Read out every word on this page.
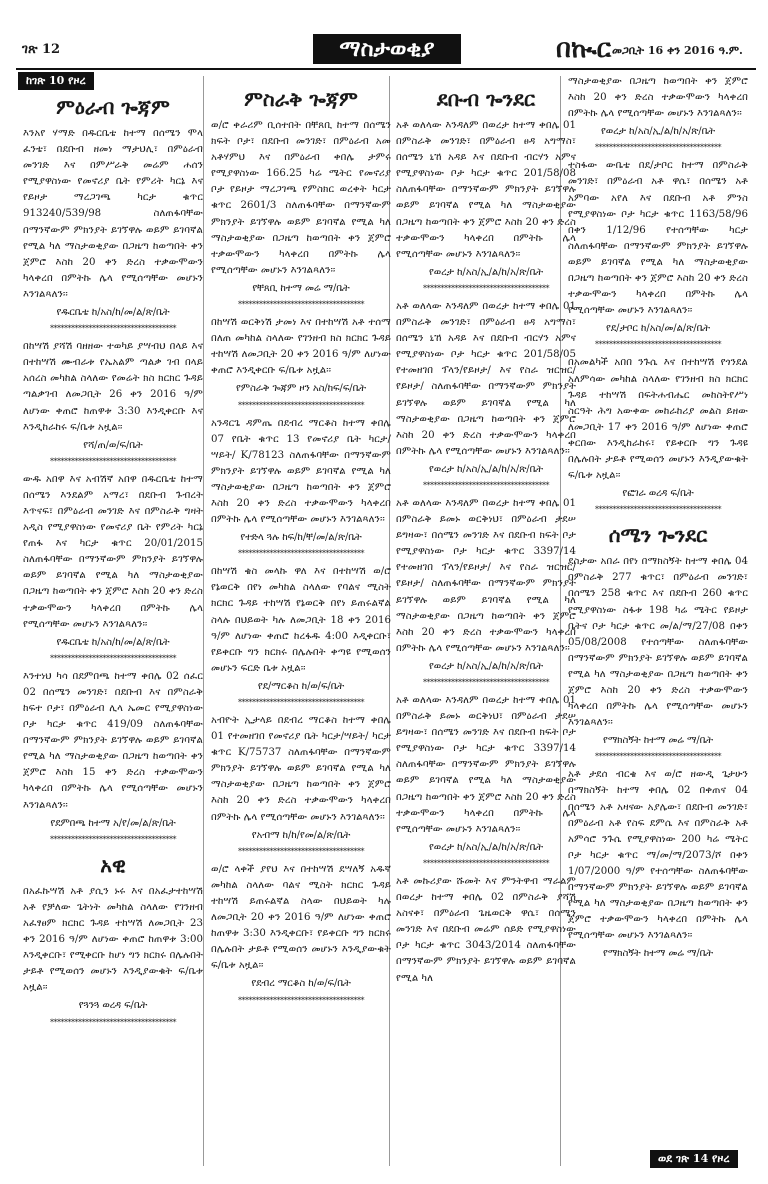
ገጽ 12	ማስታወቂያ	በኲር መጋቢት 16 ቀን 2016 ዓ.ም.
ከገጽ 10 የዞረ
ምዕራብ ጐጃም

እንአየ ሃማድ በዱርቤቴ ከተማ በሰሜን ሞላ ፈንቴ፣ በደቡብ ዘመነ ማታህሊ፣ በምዕራብ መንገድ እና በምሥራቅ መሬም ሐሰን የሚያዋስነው የመኖሪያ ቤት የምሪት ካርኔ እና የይዞታ ማረጋገጫ ካርታ ቁጥር 913240/539/98 ስለጠፋባቸው በማንኛውም ምክንያት ይገኘዋሉ ወይም ይገባኛል የሚል ካለ ማስታወቂያው በጋዜጣ ከወጣበት ቀን ጀምሮ እስከ 20 ቀን ድረስ ተቃውሞውን ካላቀረበ በምትኩ ሌላ የሚሰጣቸው መሆኑን እንገልጻለን፡፡

የዱርቤቴ ከ/አስ/ከ/መ/ል/ጽ/ቤት
************************************

በከሣሽ ያሻሽ ባዘዘው ተወካይ ያሣብህ በላይ እና በተከሣሽ ሙብራቱ የኤአልም ጣልቃ ገብ በላይ አሰረስ መካከል ስላለው የመሬት ክስ ክርክር ጉዳይ ጣልቃገብ ለመጋቢት 26 ቀን 2016 ዓ/ም ለሆነው ቀጠሮ ከጠዋቱ 3:30 እንዲቀርቡ እና እንዲከራከሩ ፍ/ቤቱ አዟል፡፡

የሻ/ጠ/ወ/ፍ/ቤት
************************************

ውዱ አበዋ እና አብሽኛ አበዋ በዱርቤቴ ከተማ በሰሜን እንደልም አማረ፣ በደቡብ ጉብረት እጥናፍ፣ በምዕራብ መንገድ እና በምስራቅ ግዛት አዲስ የሚያዋስነው የመኖሪያ ቤት የምሪት ካርኔ የጠፋ እና ካርታ ቁጥር 20/01/2015 ስለጠፋባቸው በማንኛውም ምክንያት ይገኘዋሉ ወይም ይገባኛል የሚል ካለ ማስታወቂያው በጋዜጣ ከወጣበት ቀን ጀምሮ እስከ 20 ቀን ድረስ ተቃውሞውን ካላቀረበ በምትኩ ሌላ የሚሰጣቸው መሆኑን እንገልጻለን፡፡

የዱርቤቴ ከ/አስ/ከ/መ/ል/ጽ/ቤት
************************************

እንተነህ ካሳ በደምበጫ ከተማ ቀበሌ 02 ሰፈር 02 በሰሜን መንገድ፣ በደቡብ እና በምስራቅ ከፍተ ቦታ፣ በምዕራብ ሊላ ኤመር የሚያዋስነው ቦታ ካርታ ቁጥር 419/09 ስለጠፋባቸው በማንኛውም ምክንያት ይገኘዋሉ ወይም ይገባኛል የሚል ካለ ማስታወቂያው በጋዜጣ ከወጣበት ቀን ጀምሮ እስከ 15 ቀን ድረስ ተቃውሞውን ካላቀረበ በምትኩ ሌላ የሚሰጣቸው መሆኑን እንገልጻለን፡፡

የደምበጫ ከተማ አ/የ/መ/ል/ጽ/ቤት
************************************
አዊ

በአፈኩሣሽ አቶ ያሲን ኑሩ እና በአፈታተከሣሽ አቶ የቻለው ጌትነት መካከል ስላለው የገንዘብ አፈፃፀም ክርክር ጉዳይ ተከሣሽ ለመጋቢት 23 ቀን 2016 ዓ/ም ለሆነው ቀጠሮ ከጠዋቱ 3:00 እንዲቀርቡ፣ የሚቀርቡ ከሆነ ግን ክርክሩ በሌሉበት ታይቶ የሚወሰን መሆኑን እንዲያውቁት ፍ/ቤቱ አዟል፡፡

የጓንጓ ወረዳ ፍ/ቤት
************************************
ምስራቅ ጐጃም

ወ/ሮ ቀራሪም ቢሰተበት በቸጸቢ ከተማ በሰሜን ክፍት ቦታ፣ በደቡብ መንገድ፣ በምዕራብ አመ አቶሃምህ እና በምዕራብ ቀበሌ ታምሩ የሚያዋስነው 166.25 ካሬ ሜትር የመኖሪያ ቦታ የይዞታ ማረጋገጫ የምስክር ወረቀት ካርታ ቁጥር 2601/3 ስለጠፋባቸው በማንኛውም ምክንያት ይገኘዋሉ ወይም ይገባኛል የሚል ካለ ማስታወቂያው በጋዜጣ ከወጣበት ቀን ጀምሮ ተቃውሞውን ካላቀረበ በምትኩ ሌላ የሚሰጣቸው መሆኑን እንገልጻለን፡፡

የቸጸቢ ከተማ መሬ ማ/ቤት
************************************

በከሣሽ ወርቅነሽ ታመነ እና በተከሣሽ አቶ ተሰማ በለጠ መካከል ስላለው የገንዘብ ክስ ክርክር ጉዳይ ተከሣሽ ለመጋቢት 20 ቀን 2016 ዓ/ም ለሆነው ቀጠሮ እንዲቀርቡ ፍ/ቤቱ አዟል፡፡

የምስራቅ ጐጃም ዞን አስ/ከፍ/ፍ/ቤት
************************************

አንዳርጌ ዳምጤ በደብረ ማርቆስ ከተማ ቀበሌ 07 የቤት ቁጥር 13 የመኖሪያ ቤት ካርታ/ ሣይት/ K/78123 ስለጠፋባቸው በማንኛውም ምክንያት ይገኘዋሉ ወይም ይገባኛል የሚል ካለ ማስታወቂያው በጋዜጣ ከወጣበት ቀን ጀምሮ እስከ 20 ቀን ድረስ ተቃውሞውን ካላቀረበ በምትኩ ሌላ የሚሰጣቸው መሆኑን እንገልጻለን፡፡

የተድላ ጓሉ ከፍ/ከ/ቸ/መ/ል/ጽ/ቤት
************************************

በከሣሽ ቄስ መላኩ ዋለ እና በተከሣሽ ወ/ሮ የኔወርቅ በየነ መካከል ስላለው የባልና ሚስት ክርክር ጉዳይ ተከሣሽ የኔወርቅ በየነ ይጠሩልኛል ስላሉ በህይወት ካሉ ለመጋቢት 18 ቀን 2016 ዓ/ም ለሆነው ቀጠሮ ከረፋዱ 4:00 እዲቀርቡ፣ የይቀርቡ ግን ክርክሩ በሌሉበት ቀጣዩ የሚወሰን መሆኑን ፍርድ ቤቱ አዟል፡፡

የደ/ማርቆስ ከ/ወ/ፍ/ቤት
************************************

አብዮት ኢታላይ በደብረ ማርቆስ ከተማ ቀበሌ 01 የተመዘገበ የመኖሪያ ቤት ካርታ/ሣይት/ ካርታ ቁጥር K/75737 ስለጠፋባቸው በማንኛውም ምክንያት ይገኘዋሉ ወይም ይገባኛል የሚል ካለ ማስታወቂያው በጋዜጣ ከወጣበት ቀን ጀምሮ እስከ 20 ቀን ድረስ ተቃውሞውን ካላቀረበ በምትኩ ሌላ የሚሰጣቸው መሆኑን እንገልጻለን፡፡

የአብማ ከ/ከ/የመ/ል/ጽ/ቤት
************************************

ወ/ሮ ላቀች ያየህ እና በተከሣሽ ደሣለኝ አዱኛ መካከል ስላለው ባልና ሚስት ክርክር ጉዳይ ተከሣሽ ይጠሩልኛል ስላው በህይወት ካሉ ለመጋቢት 20 ቀን 2016 ዓ/ም ለሆነው ቀጠሮ ከጠዋቱ 3:30 እንዲቀርቡ፣ የይቀርቡ ግን ክርክሩ በሌሉበት ታይቶ የሚወሰን መሆኑን እንዲያውቁት ፍ/ቤቱ አዟል፡፡

የደብረ ማርቆስ ከ/ወ/ፍ/ቤት
************************************
ደቡብ ጐንደር

አቶ ወለላው እንዳለም በወረታ ከተማ ቀበሌ 01 በምስራቅ መንገድ፣ በምዕራብ ፀዳ አግማስ፣ በሰሜን ኒኸ አዳይ እና በደቡብ ብርሃን አምና የሚያዋስነው ቦታ ካርታ ቁጥር 201/58/08 ስለጠፋባቸው በማንኛውም ምክንያት ይገኘዋሉ ወይም ይገባኛል የሚል ካለ ማስታወቂያው በጋዜጣ ከወጣበት ቀን ጀምሮ እስከ 20 ቀን ድረስ ተቃውሞውን ካላቀረበ በምትኩ ሌላ የሚሰጣቸው መሆኑን እንገልጻለን፡፡

የወረታ ከ/አስ/ኢ/ል/ከ/አ/ጽ/ቤት
************************************

አቶ ወለላው እንዳለም በወረታ ከተማ ቀበሌ 01 በምስራቅ መንገድ፣ በምዕራብ ፀዳ አግማስ፣ በሰሜን ኒኸ አዳይ እና በደቡብ ብርሃን አምና የሚያዋስነው ቦታ ካርታ ቁጥር 201/58/05 የተመዘገበ ፕላን/የይዞታ/ እና የስራ ዝርዝር/የይዞታ/ ስለጠፋባቸው በማንኛውም ምክንያት ይገኘዋሉ ወይም ይገባኛል የሚል ካለ ማስታወቂያው በጋዜጣ ከወጣበት ቀን ጀምሮ እስከ 20 ቀን ድረስ ተቃውሞውን ካላቀረበ በምትኩ ሌላ የሚሰጣቸው መሆኑን እንገልጻለን፡፡

የወረታ ከ/አስ/ኢ/ል/ከ/አ/ጽ/ቤት
************************************

አቶ ወለላው እንዳለም በወረታ ከተማ ቀበሌ 01 በምስራቅ ይመኑ ወርቅነህ፣ በምዕራብ ታደሠ ይግዛው፣ በሰሜን መንገድ እና በደቡብ ክፍት ቦታ የሚያዋስነው ቦታ ካርታ ቁጥር 3397/14 የተመዘገበ ፕላን/የይዞታ/ እና የስራ ዝርዝር/የይዞታ/ ስለጠፋባቸው በማንኛውም ምክንያት ይገኘዋሉ ወይም ይገባኛል የሚል ካለ ማስታወቂያው በጋዜጣ ከወጣበት ቀን ጀምሮ እስከ 20 ቀን ድረስ ተቃውሞውን ካላቀረበ በምትኩ ሌላ የሚሰጣቸው መሆኑን እንገልጻለን፡፡

የወረታ ከ/አስ/ኢ/ል/ከ/አ/ጽ/ቤት
************************************

አቶ ወለላው እንዳለም በወረታ ከተማ ቀበሌ 01 በምስራቅ ይመኑ ወርቅነህ፣ በምዕራብ ታደሠ ይግዛው፣ በሰሜን መንገድ እና በደቡብ ክፍት ቦታ የሚያዋስነው ቦታ ካርታ ቁጥር 3397/14 ስለጠፋባቸው በማንኛውም ምክንያት ይገኘዋሉ ወይም ይገባኛል የሚል ካለ ማስታወቂያው በጋዜጣ ከወጣበት ቀን ጀምሮ እስከ 20 ቀን ድረስ ተቃውሞውን ካላቀረበ በምትኩ ሌላ የሚሰጣቸው መሆኑን እንገልጻለን፡፡

የወረታ ከ/አስ/ኢ/ል/ከ/አ/ጽ/ቤት
************************************

አቶ መኩሪያው ሹመት እና ምንትዋብ ማራልም በወረታ ከተማ ቀበሌ 02 በምስራቅ ያሻሽ አስናቀ፣ በምዕራብ ጌዜወርቅ ዋሴ፣ በሰሜን መንገድ እና በደቡብ መሬም ሰይድ የሚያዋስነው ቦታ ካርታ ቁጥር 3043/2014 ስለጠፋባቸው በማንኛውም ምክንያት ይገኘዋሉ ወይም ይገባኛል የሚል ካለ

ማስታወቂያው በጋዜጣ ከወጣበት ቀን ጀምሮ እስከ 20 ቀን ድረስ ተቃውሞውን ካላቀረበ በምትኩ ሌላ የሚሰጣቸው መሆኑን እንገልጻለን፡፡

የወረታ ከ/አስ/ኢ/ል/ከ/አ/ጽ/ቤት
************************************

ተስፋው ውቤቴ በደ/ታቦር ከተማ በምስራቅ መንገድ፣ በምዕራብ አቶ ዋሴ፣ በሰሜን አቶ አምባው አየለ እና በደቡብ አቶ ምንስ የሚያዋስነው ቦታ ካርታ ቁጥር 1163/58/96 በቀን 1/12/96 የተሰጣቸው ካርታ ስለጠፋባቸው በማንኛውም ምክንያት ይገኘዋሉ ወይም ይገባኛል የሚል ካለ ማስታወቂያው በጋዜጣ ከወጣበት ቀን ጀምሮ እስከ 20 ቀን ድረስ ተቃውሞውን ካላቀረበ በምትኩ ሌላ የሚሰጣቸው መሆኑን እንገልጻለን፡፡

የደ/ታቦር ከ/አስ/መ/ል/ጽ/ቤት
************************************

በአመልካች አበበ ንጉሴ እና በተከሣሽ የጎንደል አለምሳው መካከል ስላለው የገንዘብ ክስ ክርክር ጉዳይ ተከሣሽ በፍትሐብሔር መከስትየሥነ ስርዓት ሕግ አውቀው መከራከሪያ መልስ ይዘው ለመጋቢት 17 ቀን 2016 ዓ/ም ለሆነው ቀጠሮ ቀርበው እንዲከራከሩ፣ የይቀርቡ ግን ጉዳዩ በሌሉበት ታይቶ የሚወሰን መሆኑን እንዲያውቁት ፍ/ቤቱ አዟል፡፡

የፎገራ ወረዳ ፍ/ቤት
************************************
ሰሜን ጐንደር

ደስታው አበራ በየነ በማክስኝት ከተማ ቀበሌ 04 በምስራቅ 277 ቁጥር፣ በምዕራብ መንገድ፣ በሰሜን 258 ቁጥር እና በደቡብ 260 ቁጥር የሚያዋስነው ስፋቱ 198 ካሬ ሜትር የይዞታ ቤትና ቦታ ካርታ ቁጥር መ/ል/ማ/27/08 በቀን 05/08/2008 የተሰጣቸው ስለጠፋባቸው በማንኛውም ምክንያት ይገኘዋሉ ወይም ይገባኛል የሚል ካለ ማስታወቂያው በጋዜጣ ከወጣበት ቀን ጀምሮ እስከ 20 ቀን ድረስ ተቃውሞውን ካላቀረበ በምትኩ ሌላ የሚሰጣቸው መሆኑን እንገልጻለን፡፡

የማክስኝት ከተማ መሬ ማ/ቤት
************************************

አቶ ታደሰ ብርቄ እና ወ/ሮ ዘውዲ ጌታሁን በማክስኝት ከተማ ቀበሌ 02 በቀጠና 04 በሰሜን አቶ አዛናው አያሌው፣ በደቡብ መንገድ፣ በምዕራብ አቶ የስፍ ደምሴ እና በምስራቅ አቶ አምሳሮ ንጉሴ የሚያዋስነው 200 ካሬ ሜትር ቦታ ካርታ ቁጥር ማ/መ/ማ/2073/ሾ በቀን 1/07/2000 ዓ/ም የተሰጣቸው ስለጠፋባቸው በማንኛውም ምክንያት ይገኘዋሉ ወይም ይገባኛል የሚል ካለ ማስታወቂያው በጋዜጣ ከወጣበት ቀን ጀምሮ ተቃውሞውን ካላቀረበ በምትኩ ሌላ የሚሰጣቸው መሆኑን እንገልጻለን፡፡

የማክስኝት ከተማ መሬ ማ/ቤት
ወደ ገጽ 14 የዞረ
